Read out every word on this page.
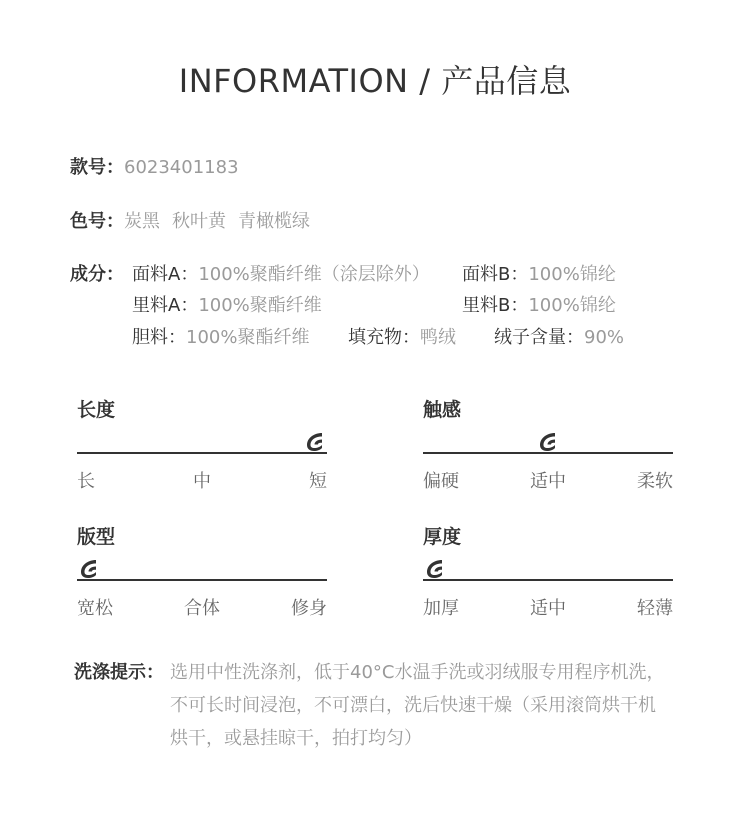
INFORMATION / 产品信息
款号：6023401183
色号：炭黑 秋叶黄 青橄榄绿
成分： 面料A：100%聚酯纤维（涂层除外） 面料B：100%锦纶
里料A：100%聚酯纤维	里料B：100%锦纶
胆料：100%聚酯纤维 填充物：鸭绒 绒子含量：90%
洗涤提示： 选用中性洗涤剂，低于40°C水温手洗或羽绒服专用程序机洗，
不可长时间浸泡，不可漂白，洗后快速干燥（采用滚筒烘干机
烘干，或悬挂晾干，拍打均匀）
长度
长	中	短
触感
偏硬	适中	柔软
版型
宽松	合体	修身
厚度
加厚	适中	轻薄
